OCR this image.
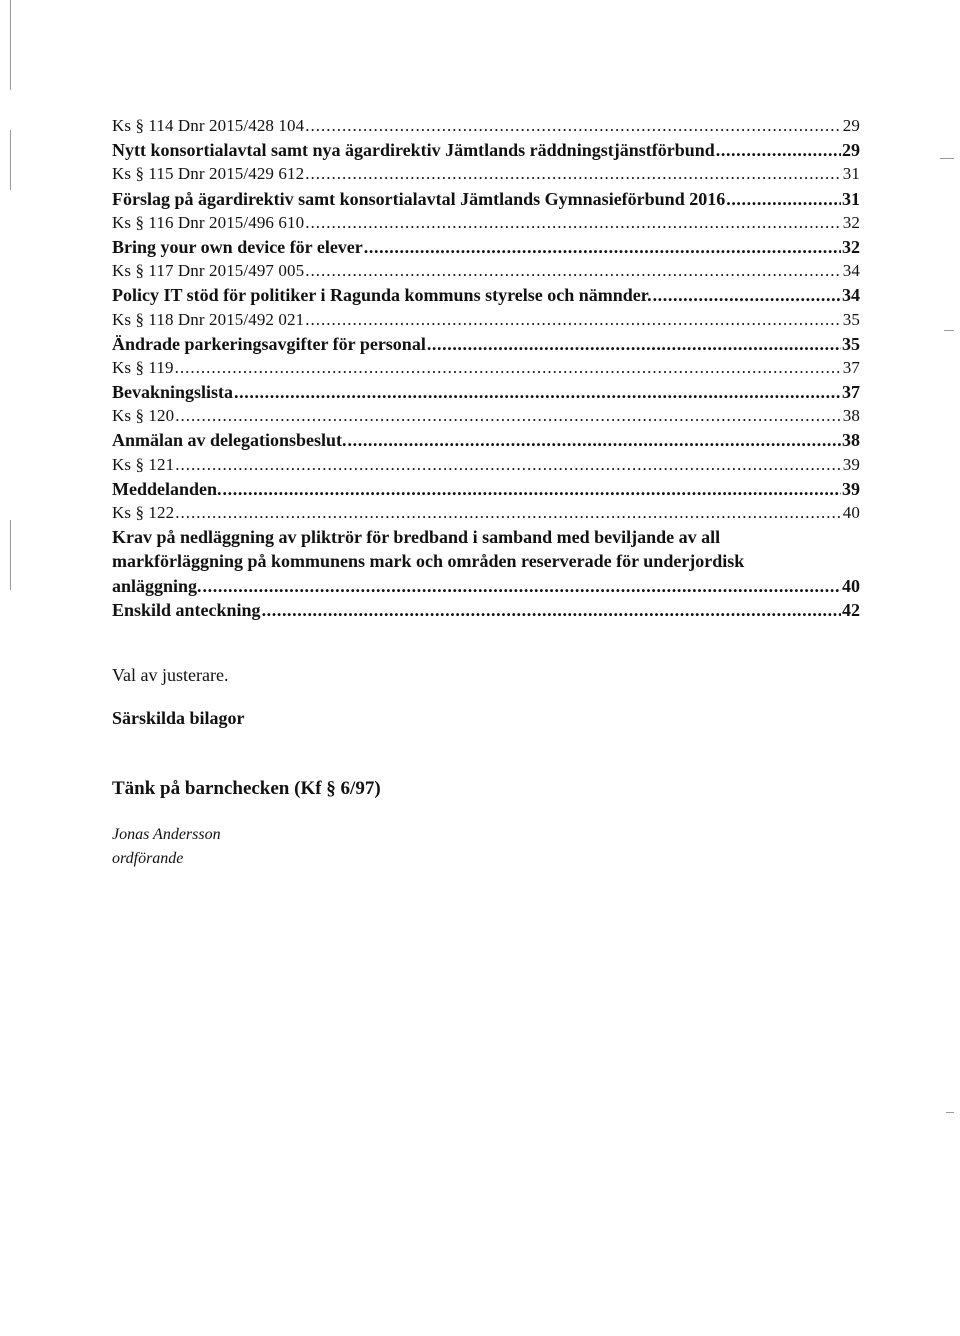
Ks § 114 Dnr 2015/428 104 .....	29
Nytt konsortialavtal samt nya ägardirektiv Jämtlands räddningstjänstförbund .....	29
Ks § 115 Dnr 2015/429 612 .....	31
Förslag på ägardirektiv samt konsortialavtal Jämtlands Gymnasieförbund 2016 .....	31
Ks § 116 Dnr 2015/496 610 .....	32
Bring your own device för elever .....	32
Ks § 117 Dnr 2015/497 005 .....	34
Policy IT stöd för politiker i Ragunda kommuns styrelse och nämnder. .....	34
Ks § 118 Dnr 2015/492 021 .....	35
Ändrade parkeringsavgifter för personal .....	35
Ks § 119 .....	37
Bevakningslista .....	37
Ks § 120 .....	38
Anmälan av delegationsbeslut. .....	38
Ks § 121 .....	39
Meddelanden. .....	39
Ks § 122 .....	40
Krav på nedläggning av pliktrör för bredband i samband med beviljande av all
markförläggning på kommunens mark och områden reserverade för underjordisk
anläggning. .....	40
Enskild anteckning .....	42
Val av justerare.
Särskilda bilagor
Tänk på barnchecken (Kf § 6/97)
Jonas Andersson
ordförande
